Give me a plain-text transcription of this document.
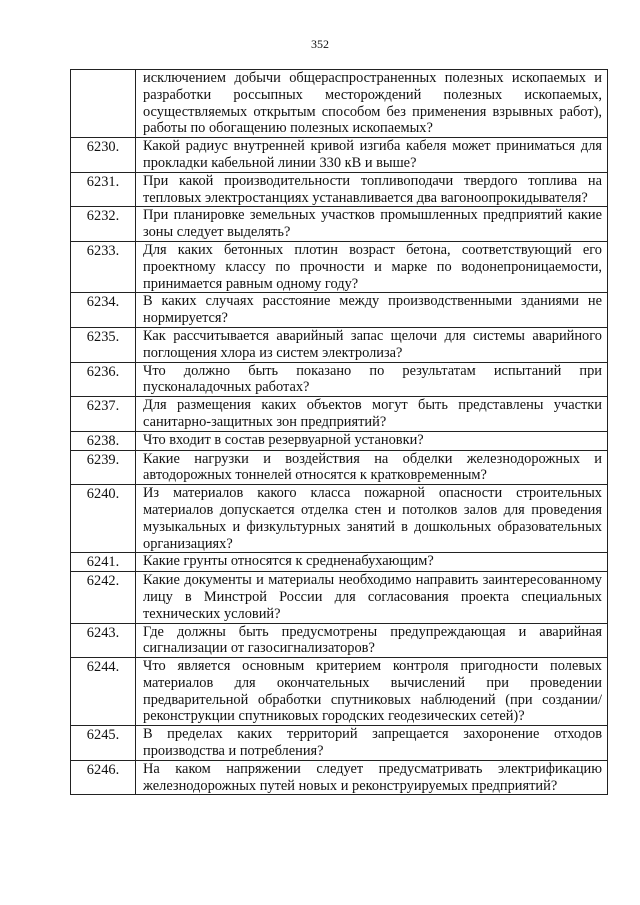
352
	исключением добычи общераспространенных полезных ископаемых и разработки россыпных месторождений полезных ископаемых, осуществляемых открытым способом без применения взрывных работ), работы по обогащению полезных ископаемых?
6230.	Какой радиус внутренней кривой изгиба кабеля может приниматься для прокладки кабельной линии 330 кВ и выше?
6231.	При какой производительности топливоподачи твердого топлива на тепловых электростанциях устанавливается два вагоноопрокидывателя?
6232.	При планировке земельных участков промышленных предприятий какие зоны следует выделять?
6233.	Для каких бетонных плотин возраст бетона, соответствующий его проектному классу по прочности и марке по водонепроницаемости, принимается равным одному году?
6234.	В каких случаях расстояние между производственными зданиями не нормируется?
6235.	Как рассчитывается аварийный запас щелочи для системы аварийного поглощения хлора из систем электролиза?
6236.	Что должно быть показано по результатам испытаний при пусконаладочных работах?
6237.	Для размещения каких объектов могут быть представлены участки санитарно-защитных зон предприятий?
6238.	Что входит в состав резервуарной установки?
6239.	Какие нагрузки и воздействия на обделки железнодорожных и автодорожных тоннелей относятся к кратковременным?
6240.	Из материалов какого класса пожарной опасности строительных материалов допускается отделка стен и потолков залов для проведения музыкальных и физкультурных занятий в дошкольных образовательных организациях?
6241.	Какие грунты относятся к средненабухающим?
6242.	Какие документы и материалы необходимо направить заинтересованному лицу в Минстрой России для согласования проекта специальных технических условий?
6243.	Где должны быть предусмотрены предупреждающая и аварийная сигнализации от газосигнализаторов?
6244.	Что является основным критерием контроля пригодности полевых материалов для окончательных вычислений при проведении предварительной обработки спутниковых наблюдений (при создании/реконструкции спутниковых городских геодезических сетей)?
6245.	В пределах каких территорий запрещается захоронение отходов производства и потребления?
6246.	На каком напряжении следует предусматривать электрификацию железнодорожных путей новых и реконструируемых предприятий?
